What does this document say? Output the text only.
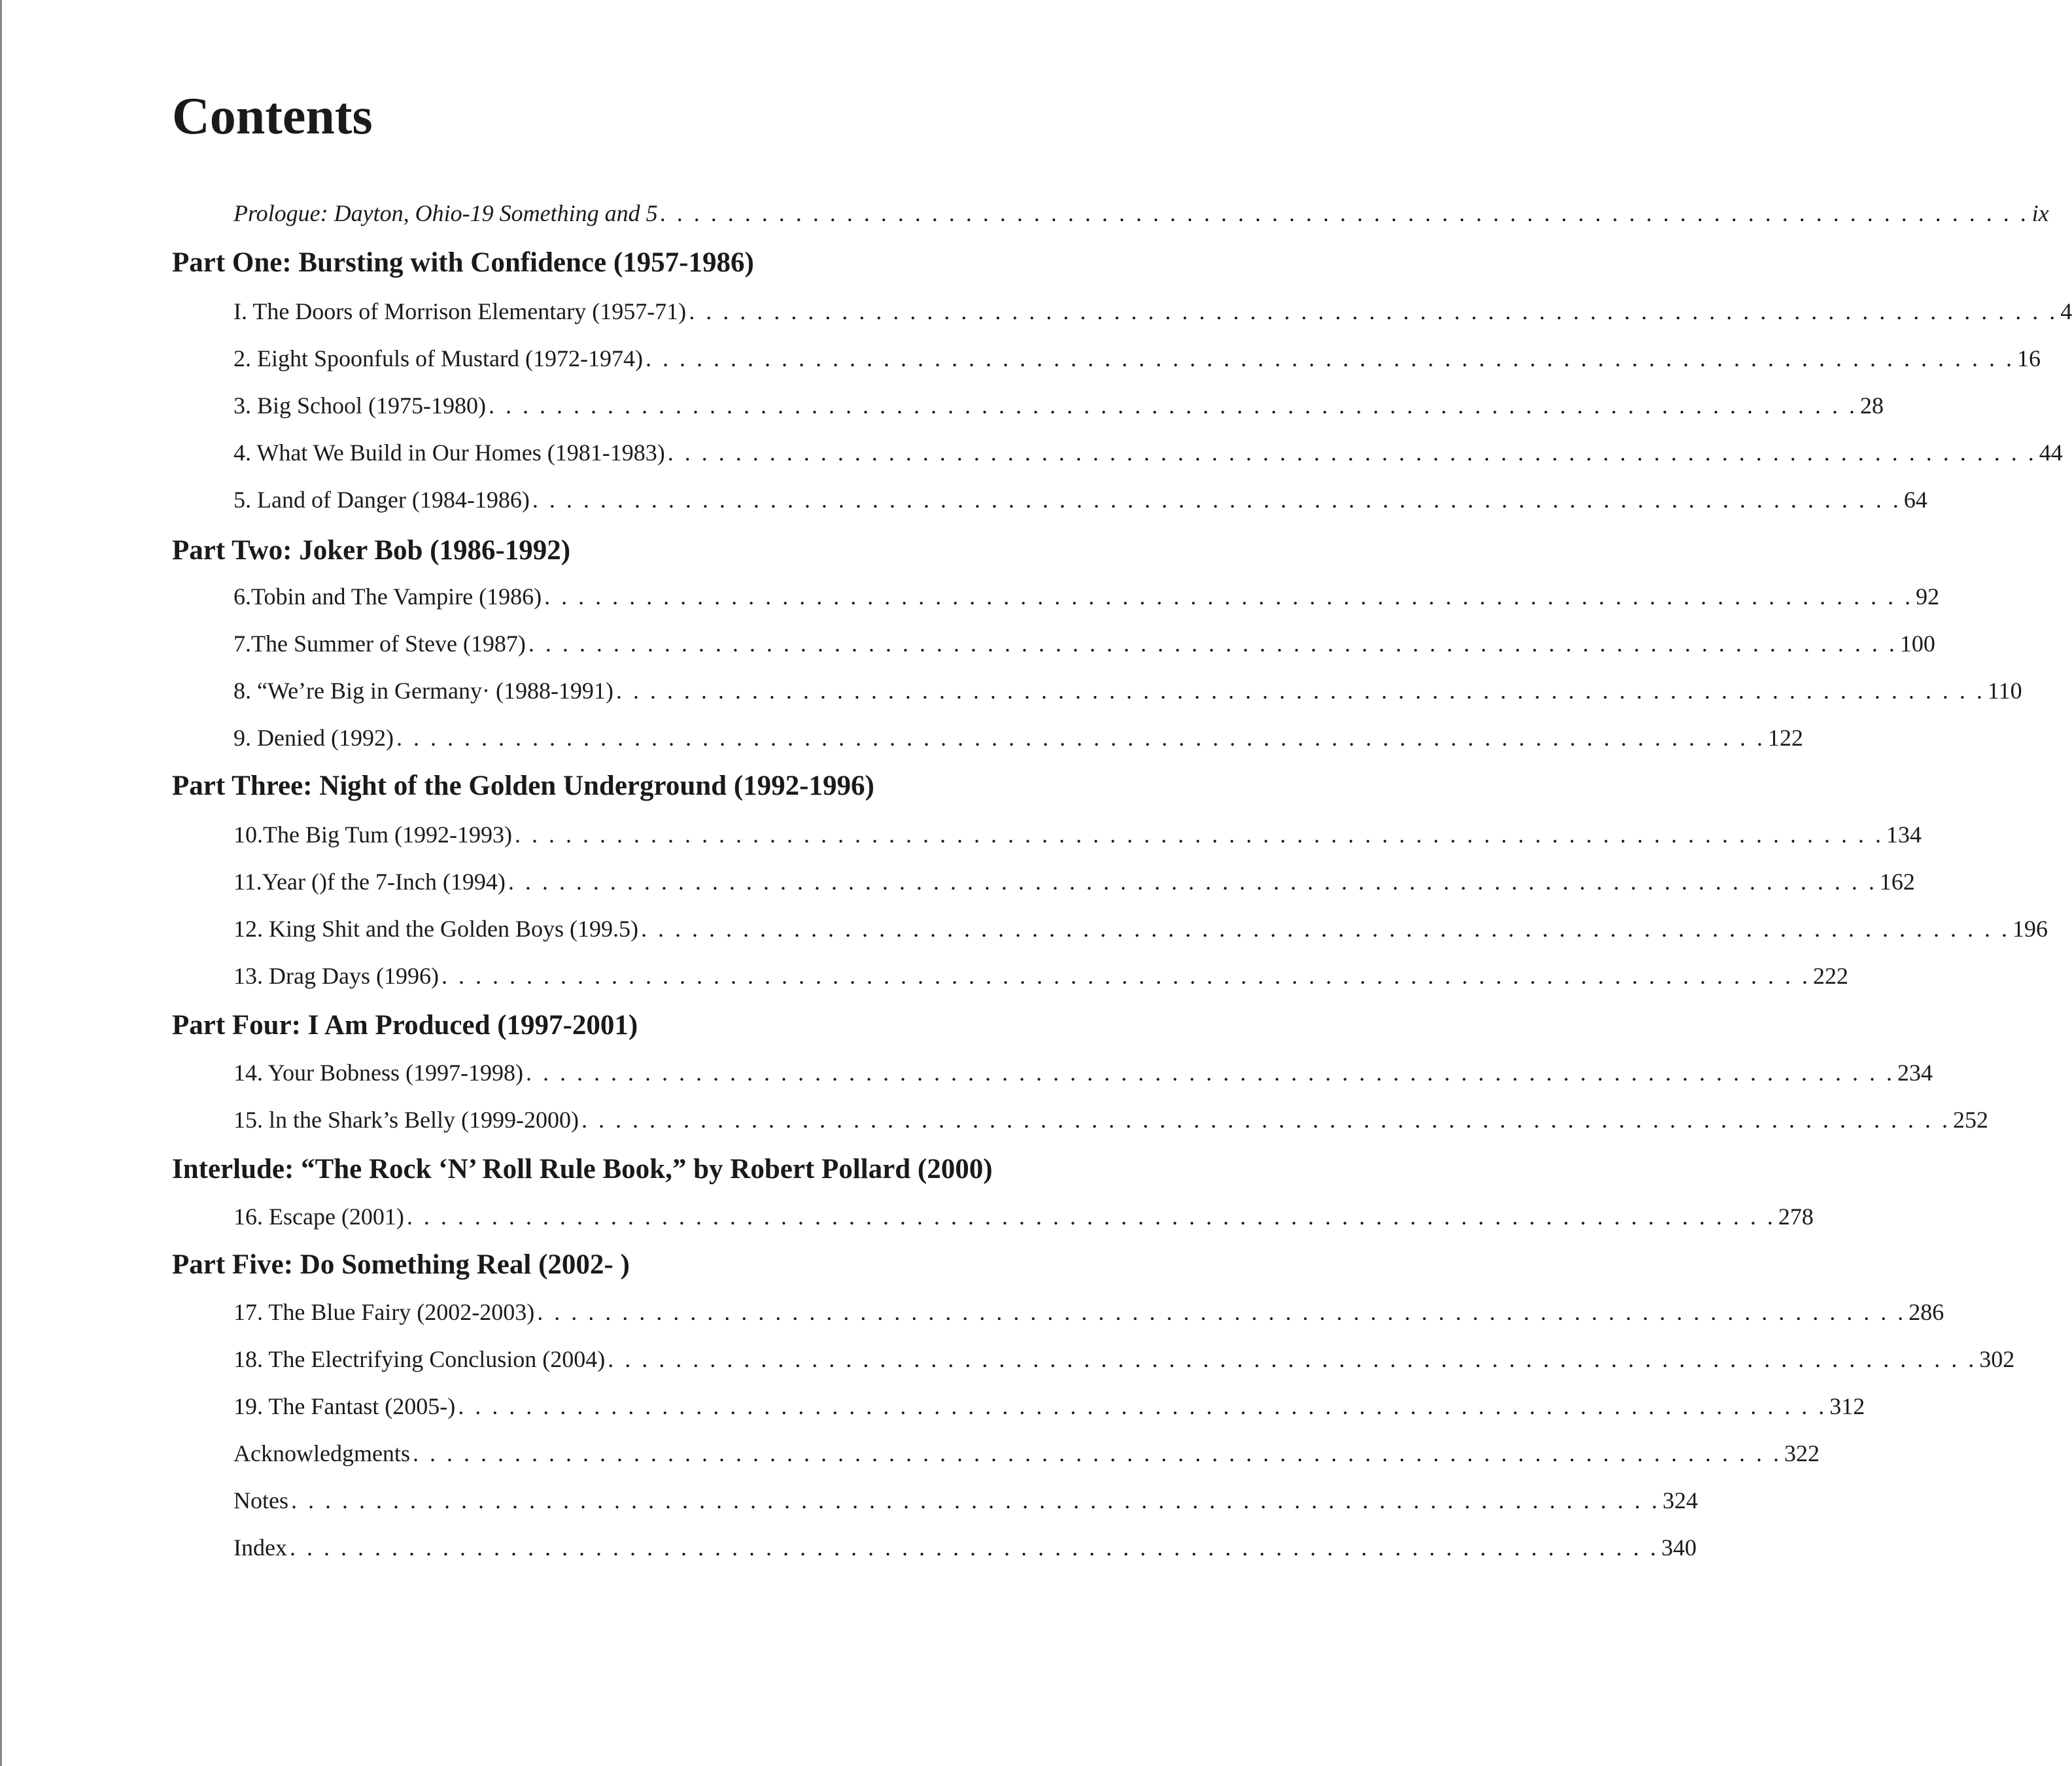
Contents
Prologue: Dayton, Ohio-19 Something and 5 . . . . . . . . . . . . . . . . . . . . . . . . . . . . . . . . . . . . . . . . . . . . . . . . . . . . . . . . . . . . . . . . . . . . . . . . . . . . . . . . . ix
Part One: Bursting with Confidence (1957-1986)
I. The Doors of Morrison Elementary (1957-71) . . . . . . . . . . . . . . . . . . . . . . . . . . . . . . . . . . . . . . . . . . . . . . . . . . . . . . . . . . . . . . . . . . . . . . . . . . . . . . . . . 4
2. Eight Spoonfuls of Mustard (1972-1974) . . . . . . . . . . . . . . . . . . . . . . . . . . . . . . . . . . . . . . . . . . . . . . . . . . . . . . . . . . . . . . . . . . . . . . . . . . . . . . . . . 16
3. Big School (1975-1980) . . . . . . . . . . . . . . . . . . . . . . . . . . . . . . . . . . . . . . . . . . . . . . . . . . . . . . . . . . . . . . . . . . . . . . . . . . . . . . . . . 28
4. What We Build in Our Homes (1981-1983) . . . . . . . . . . . . . . . . . . . . . . . . . . . . . . . . . . . . . . . . . . . . . . . . . . . . . . . . . . . . . . . . . . . . . . . . . . . . . . . . . 44
5. Land of Danger (1984-1986) . . . . . . . . . . . . . . . . . . . . . . . . . . . . . . . . . . . . . . . . . . . . . . . . . . . . . . . . . . . . . . . . . . . . . . . . . . . . . . . . . 64
Part Two: Joker Bob (1986-1992)
6.Tobin and The Vampire (1986) . . . . . . . . . . . . . . . . . . . . . . . . . . . . . . . . . . . . . . . . . . . . . . . . . . . . . . . . . . . . . . . . . . . . . . . . . . . . . . . . . 92
7.The Summer of Steve (1987) . . . . . . . . . . . . . . . . . . . . . . . . . . . . . . . . . . . . . . . . . . . . . . . . . . . . . . . . . . . . . . . . . . . . . . . . . . . . . . . . . 100
8. “We’re Big in Germany· (1988-1991) . . . . . . . . . . . . . . . . . . . . . . . . . . . . . . . . . . . . . . . . . . . . . . . . . . . . . . . . . . . . . . . . . . . . . . . . . . . . . . . . . 110
9. Denied (1992) . . . . . . . . . . . . . . . . . . . . . . . . . . . . . . . . . . . . . . . . . . . . . . . . . . . . . . . . . . . . . . . . . . . . . . . . . . . . . . . . . 122
Part Three: Night of the Golden Underground (1992-1996)
10.The Big Tum (1992-1993) . . . . . . . . . . . . . . . . . . . . . . . . . . . . . . . . . . . . . . . . . . . . . . . . . . . . . . . . . . . . . . . . . . . . . . . . . . . . . . . . . 134
11.Year ()f the 7-Inch (1994) . . . . . . . . . . . . . . . . . . . . . . . . . . . . . . . . . . . . . . . . . . . . . . . . . . . . . . . . . . . . . . . . . . . . . . . . . . . . . . . . . 162
12. King Shit and the Golden Boys (199.5) . . . . . . . . . . . . . . . . . . . . . . . . . . . . . . . . . . . . . . . . . . . . . . . . . . . . . . . . . . . . . . . . . . . . . . . . . . . . . . . . . 196
13. Drag Days (1996) . . . . . . . . . . . . . . . . . . . . . . . . . . . . . . . . . . . . . . . . . . . . . . . . . . . . . . . . . . . . . . . . . . . . . . . . . . . . . . . . . 222
Part Four: I Am Produced (1997-2001)
14. Your Bobness (1997-1998) . . . . . . . . . . . . . . . . . . . . . . . . . . . . . . . . . . . . . . . . . . . . . . . . . . . . . . . . . . . . . . . . . . . . . . . . . . . . . . . . . 234
15. ln the Shark’s Belly (1999-2000) . . . . . . . . . . . . . . . . . . . . . . . . . . . . . . . . . . . . . . . . . . . . . . . . . . . . . . . . . . . . . . . . . . . . . . . . . . . . . . . . . 252
Interlude: “The Rock ‘N’ Roll Rule Book,” by Robert Pollard (2000)
16. Escape (2001) . . . . . . . . . . . . . . . . . . . . . . . . . . . . . . . . . . . . . . . . . . . . . . . . . . . . . . . . . . . . . . . . . . . . . . . . . . . . . . . . . 278
Part Five: Do Something Real (2002- )
17. The Blue Fairy (2002-2003) . . . . . . . . . . . . . . . . . . . . . . . . . . . . . . . . . . . . . . . . . . . . . . . . . . . . . . . . . . . . . . . . . . . . . . . . . . . . . . . . . 286
18. The Electrifying Conclusion (2004) . . . . . . . . . . . . . . . . . . . . . . . . . . . . . . . . . . . . . . . . . . . . . . . . . . . . . . . . . . . . . . . . . . . . . . . . . . . . . . . . . 302
19. The Fantast (2005-) . . . . . . . . . . . . . . . . . . . . . . . . . . . . . . . . . . . . . . . . . . . . . . . . . . . . . . . . . . . . . . . . . . . . . . . . . . . . . . . . . 312
Acknowledgments . . . . . . . . . . . . . . . . . . . . . . . . . . . . . . . . . . . . . . . . . . . . . . . . . . . . . . . . . . . . . . . . . . . . . . . . . . . . . . . . . 322
Notes . . . . . . . . . . . . . . . . . . . . . . . . . . . . . . . . . . . . . . . . . . . . . . . . . . . . . . . . . . . . . . . . . . . . . . . . . . . . . . . . . 324
Index . . . . . . . . . . . . . . . . . . . . . . . . . . . . . . . . . . . . . . . . . . . . . . . . . . . . . . . . . . . . . . . . . . . . . . . . . . . . . . . . . 340
